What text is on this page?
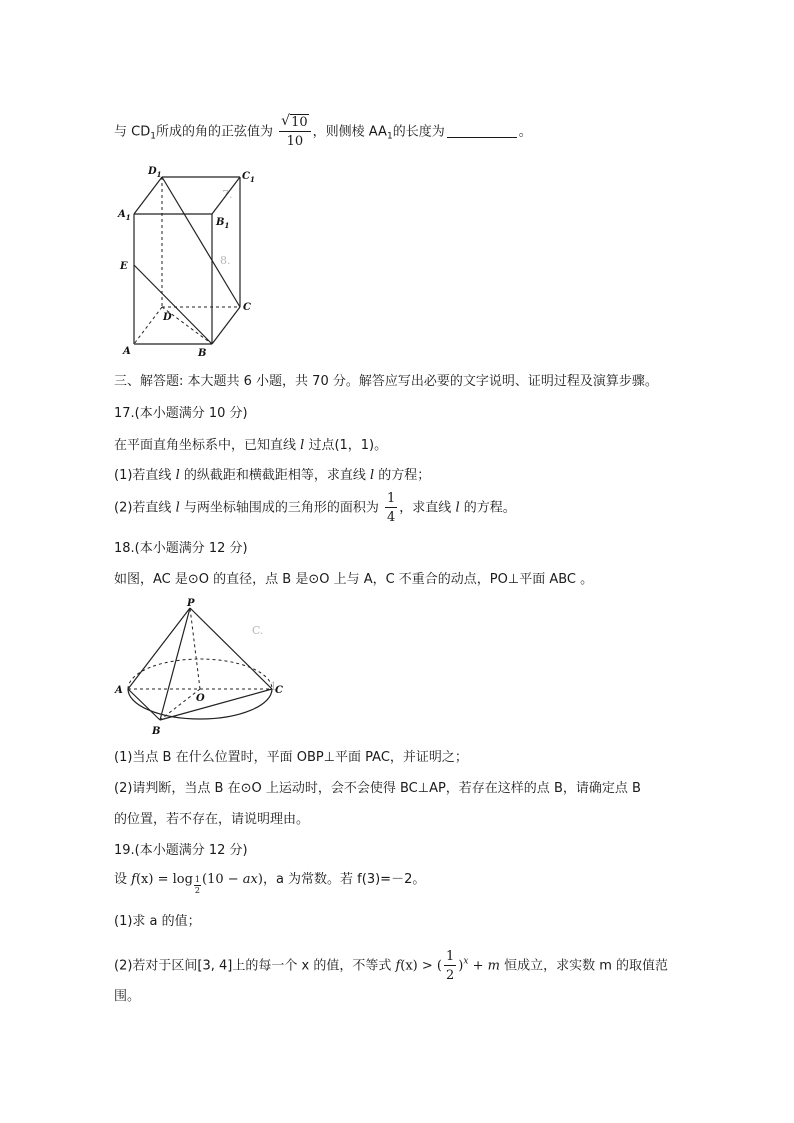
与 $CD_1$所成的角的正弦值为 $\frac{√ 10}{10}$ ，则侧棱 $AA_1$的长度为	。
7.
8.
$D_1$	$C_1$
$A_1$	$B_1$
E
D
C
A	B
三、解答题: 本大题共 6 小题，共 70 分。解答应写出必要的文字说明、证明过程及演算步骤。
17.(本小题满分 10 分)
在平面直角坐标系中，已知直线 l 过点(1，1)。
(1)若直线 l 的纵截距和横截距相等，求直线 l 的方程；
(2)若直线 l 与两坐标轴围成的三角形的面积为 $\frac{1}{4}$ ，求直线 l 的方程。
18.(本小题满分 12 分)
如图，AC 是⊙O 的直径，点 B 是⊙O 上与 A，C 不重合的动点，PO⊥平面 ABC 。
C.
1
P
A
O
C
B
(1)当点 B 在什么位置时，平面 OBP⊥平面 PAC，并证明之；
(2)请判断，当点 B 在⊙O 上运动时，会不会使得 BC⊥AP，若存在这样的点 B，请确定点 B
的位置，若不存在，请说明理由。
19.(本小题满分 12 分)
设 $f(x) = \log \frac{1}{2} (10 - ax)$，a 为常数。若 f(3)=－2。
(1)求 a 的值；
(2)若对于区间[3, 4]上的每一个 x 的值，不等式 f(x) > ( $\frac{1}{2} )^x + m$ 恒成立，求实数 m 的取值范
围。
